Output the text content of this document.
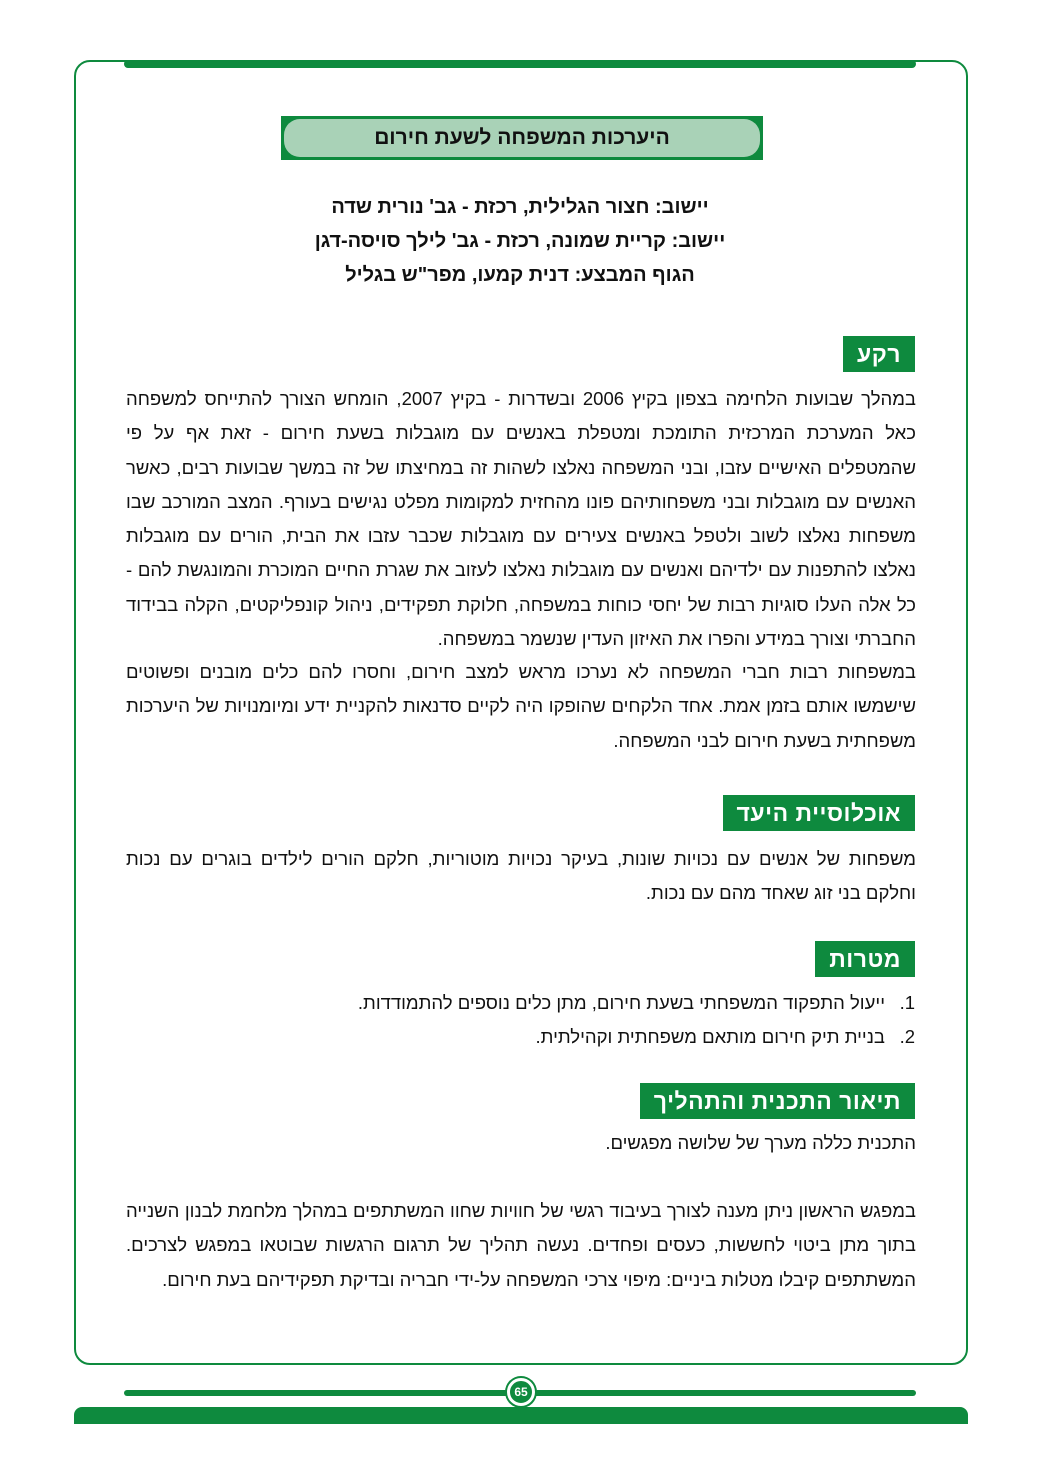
היערכות המשפחה לשעת חירום
יישוב: חצור הגלילית, רכזת - גב' נורית שדה
יישוב: קריית שמונה, רכזת - גב' לילך סויסה-דגן
הגוף המבצע: דנית קמעו, מפר"ש בגליל
רקע
במהלך שבועות הלחימה בצפון בקיץ 2006 ובשדרות - בקיץ 2007, הומחש הצורך להתייחס למשפחה כאל המערכת המרכזית התומכת ומטפלת באנשים עם מוגבלות בשעת חירום - זאת אף על פי שהמטפלים האישיים עזבו, ובני המשפחה נאלצו לשהות זה במחיצתו של זה במשך שבועות רבים, כאשר האנשים עם מוגבלות ובני משפחותיהם פונו מהחזית למקומות מפלט נגישים בעורף. המצב המורכב שבו משפחות נאלצו לשוב ולטפל באנשים צעירים עם מוגבלות שכבר עזבו את הבית, הורים עם מוגבלות נאלצו להתפנות עם ילדיהם ואנשים עם מוגבלות נאלצו לעזוב את שגרת החיים המוכרת והמונגשת להם - כל אלה העלו סוגיות רבות של יחסי כוחות במשפחה, חלוקת תפקידים, ניהול קונפליקטים, הקלה בבידוד החברתי וצורך במידע והפרו את האיזון העדין שנשמר במשפחה.
במשפחות רבות חברי המשפחה לא נערכו מראש למצב חירום, וחסרו להם כלים מובנים ופשוטים שישמשו אותם בזמן אמת. אחד הלקחים שהופקו היה לקיים סדנאות להקניית ידע ומיומנויות של היערכות משפחתית בשעת חירום לבני המשפחה.
אוכלוסיית היעד
משפחות של אנשים עם נכויות שונות, בעיקר נכויות מוטוריות, חלקם הורים לילדים בוגרים עם נכות וחלקם בני זוג שאחד מהם עם נכות.
מטרות
1.
ייעול התפקוד המשפחתי בשעת חירום, מתן כלים נוספים להתמודדות.
2.
בניית תיק חירום מותאם משפחתית וקהילתית.
תיאור התכנית והתהליך
התכנית כללה מערך של שלושה מפגשים.
במפגש הראשון ניתן מענה לצורך בעיבוד רגשי של חוויות שחוו המשתתפים במהלך מלחמת לבנון השנייה בתוך מתן ביטוי לחששות, כעסים ופחדים. נעשה תהליך של תרגום הרגשות שבוטאו במפגש לצרכים. המשתתפים קיבלו מטלות ביניים: מיפוי צרכי המשפחה על-ידי חבריה ובדיקת תפקידיהם בעת חירום.
65
